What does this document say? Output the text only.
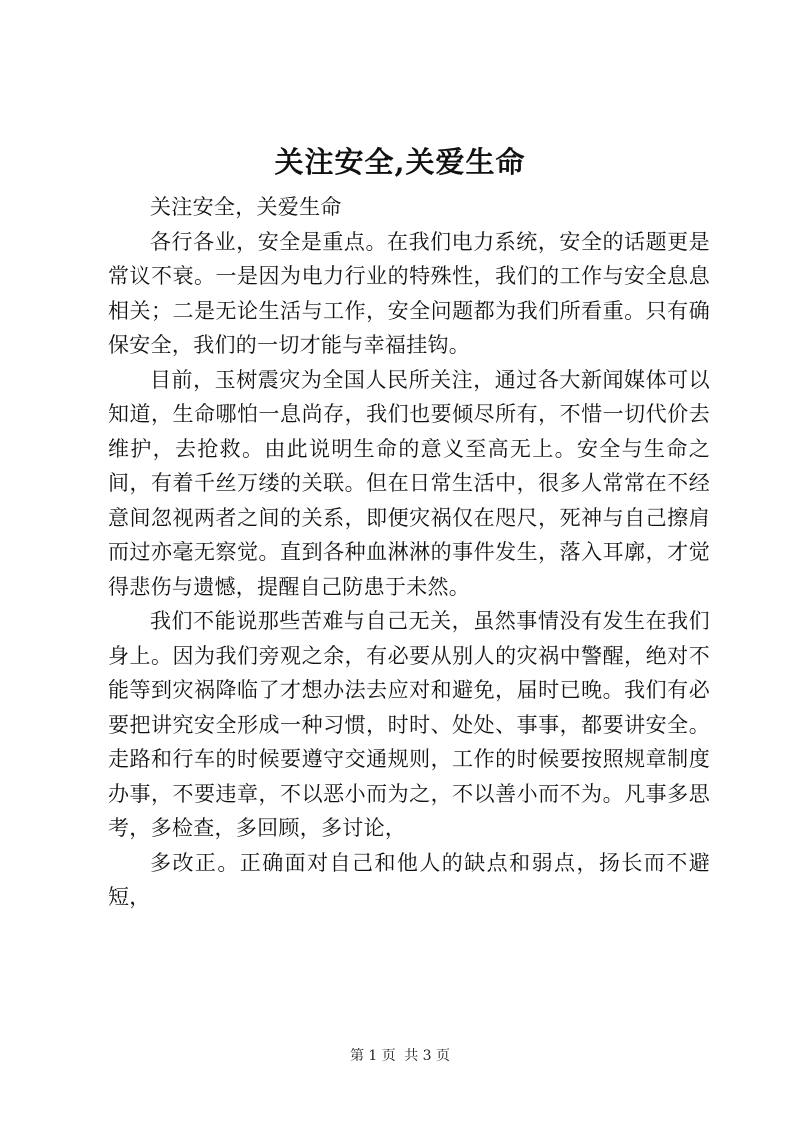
关注安全,关爱生命

关注安全，关爱生命

各行各业，安全是重点。在我们电力系统，安全的话题更是常议不衰。一是因为电力行业的特殊性，我们的工作与安全息息相关；二是无论生活与工作，安全问题都为我们所看重。只有确保安全，我们的一切才能与幸福挂钩。

目前，玉树震灾为全国人民所关注，通过各大新闻媒体可以知道，生命哪怕一息尚存，我们也要倾尽所有，不惜一切代价去维护，去抢救。由此说明生命的意义至高无上。安全与生命之间，有着千丝万缕的关联。但在日常生活中，很多人常常在不经意间忽视两者之间的关系，即便灾祸仅在咫尺，死神与自己擦肩而过亦毫无察觉。直到各种血淋淋的事件发生，落入耳廓，才觉得悲伤与遗憾，提醒自己防患于未然。

我们不能说那些苦难与自己无关，虽然事情没有发生在我们身上。因为我们旁观之余，有必要从别人的灾祸中警醒，绝对不能等到灾祸降临了才想办法去应对和避免，届时已晚。我们有必要把讲究安全形成一种习惯，时时、处处、事事，都要讲安全。走路和行车的时候要遵守交通规则，工作的时候要按照规章制度办事，不要违章，不以恶小而为之，不以善小而不为。凡事多思考，多检查，多回顾，多讨论，

多改正。正确面对自己和他人的缺点和弱点，扬长而不避短，

第 1 页 共 3 页
